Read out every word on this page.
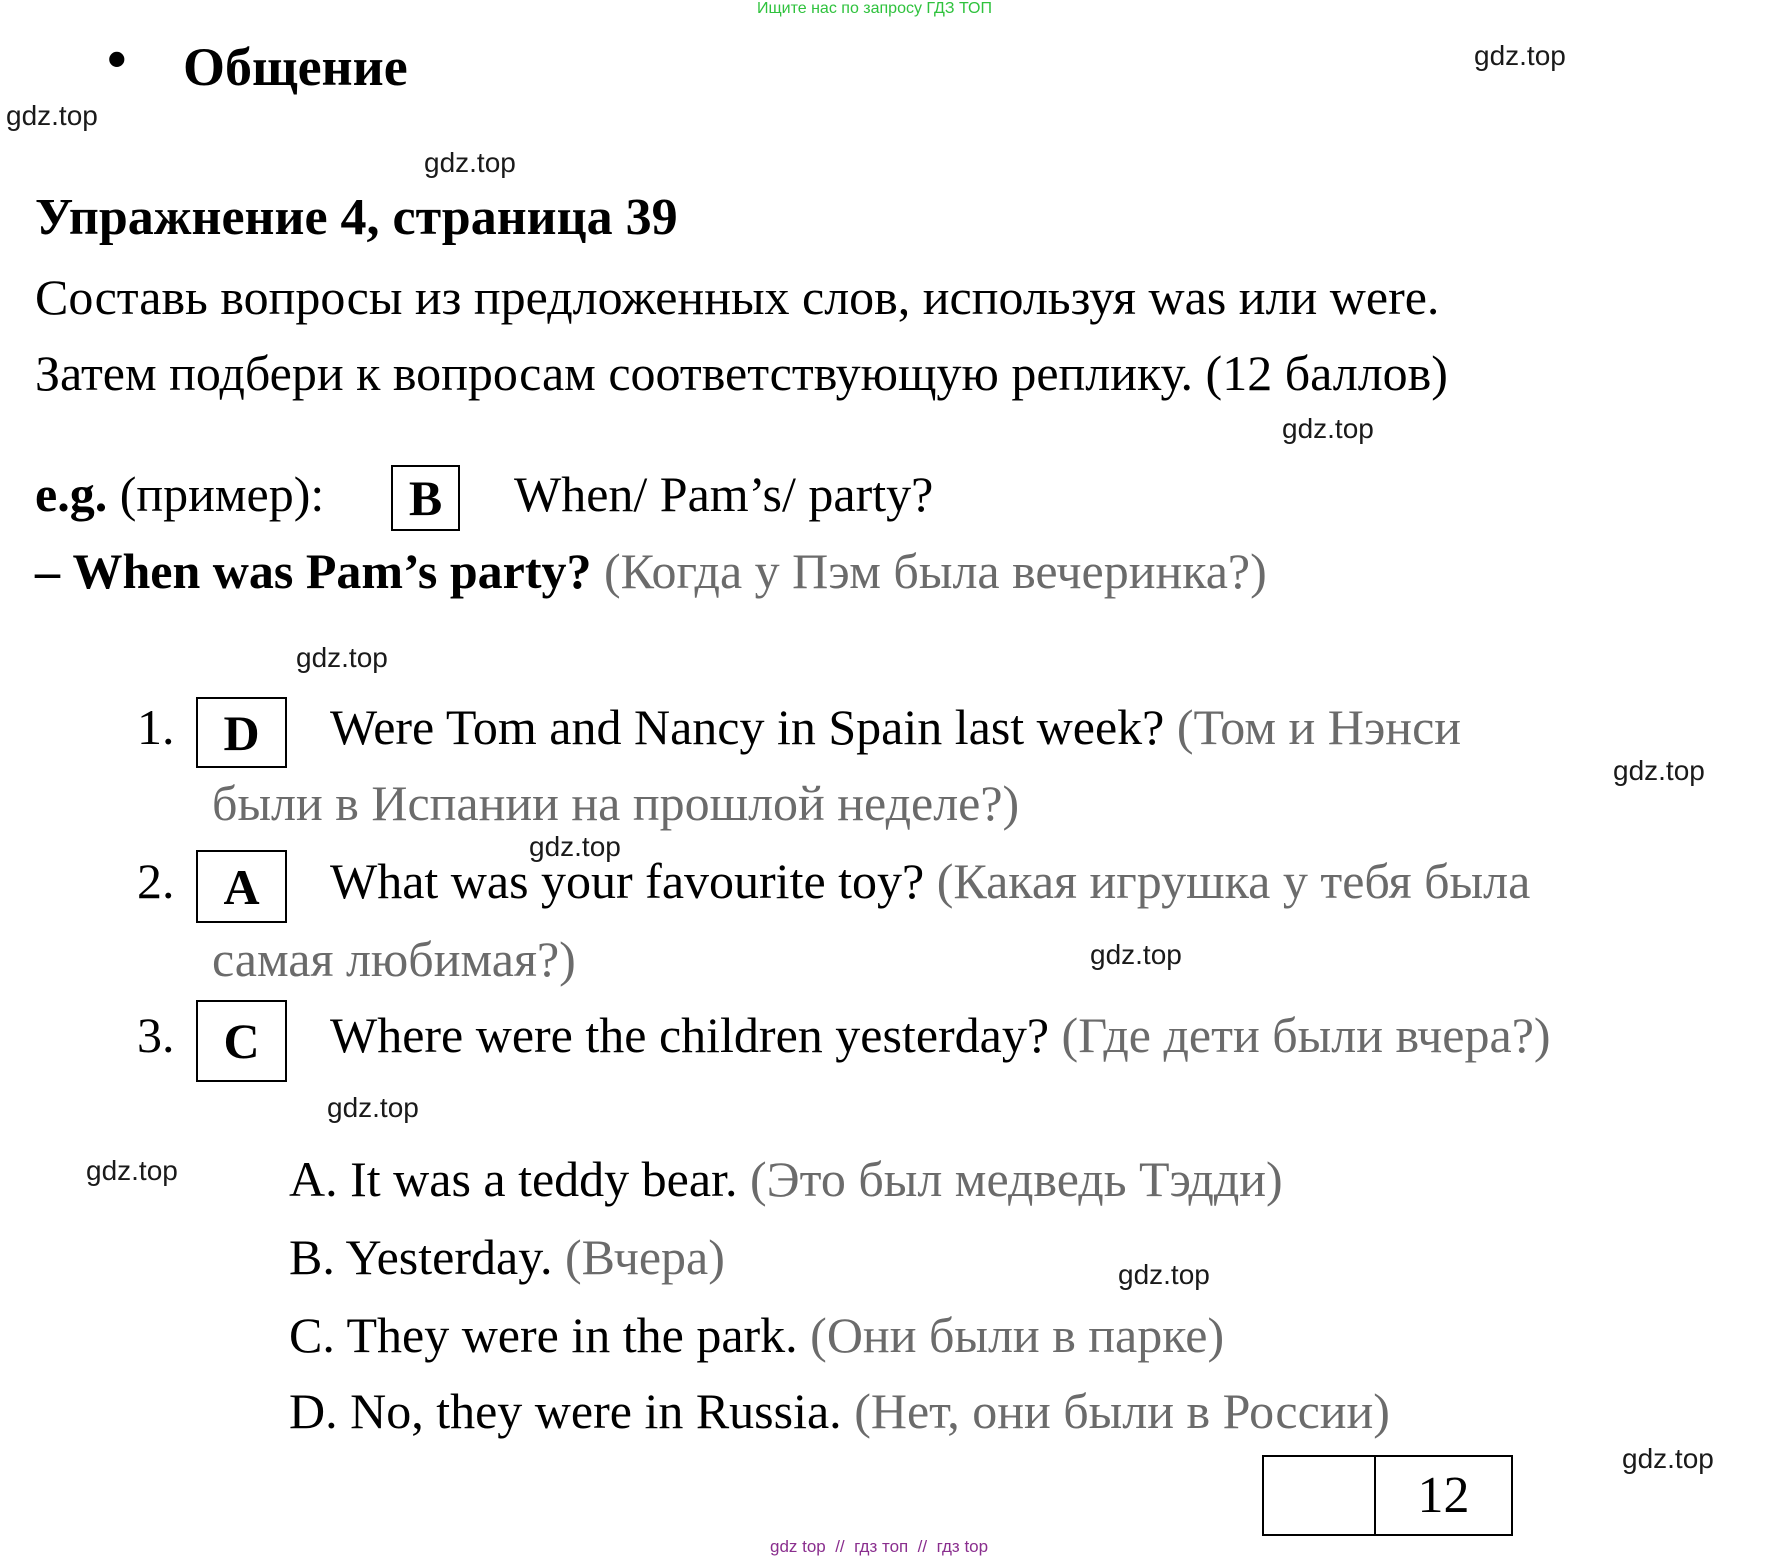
Ищите нас по запросу ГДЗ ТОП
• Общение
Упражнение 4, страница 39
Составь вопросы из предложенных слов, используя was или were.
Затем подбери к вопросам соответствующую реплику. (12 баллов)
e.g. (пример):	B	When/ Pam’s/ party?
– When was Pam’s party? (Когда у Пэм была вечеринка?)
1. D	Were Tom and Nancy in Spain last week? (Том и Нэнси
были в Испании на прошлой неделе?)
2. A	What was your favourite toy? (Какая игрушка у тебя была
самая любимая?)
3. C	Where were the children yesterday? (Где дети были вчера?)
A. It was a teddy bear. (Это был медведь Тэдди)
B. Yesterday. (Вчера)
C. They were in the park. (Они были в парке)
D. No, they were in Russia. (Нет, они были в России)
12
gdz.top
gdz.top
gdz.top
gdz.top
gdz.top
gdz.top
gdz.top
gdz.top
gdz.top
gdz.top
gdz.top
gdz.top
gdz top  //  гдз топ  //  гдз top
